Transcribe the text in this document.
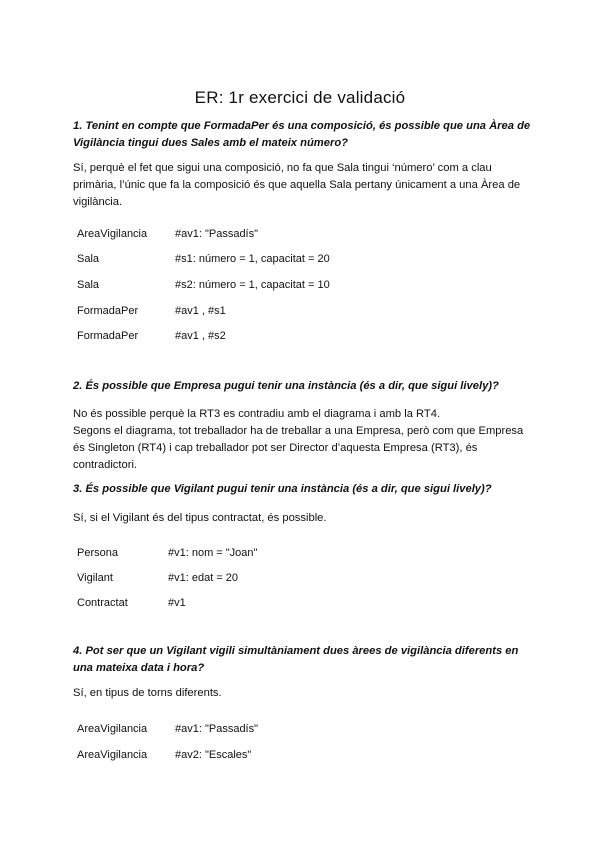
ER: 1r exercici de validació
1. Tenint en compte que FormadaPer és una composició, és possible que una Àrea de Vigilància tingui dues Sales amb el mateix número?
Sí, perquè el fet que sigui una composició, no fa que Sala tingui ‘número’ com a clau
primària, l’únic que fa la composició és que aquella Sala pertany únicament a una Àrea de
vigilància.
AreaVigilancia	#av1: "Passadís"
Sala	#s1: número = 1, capacitat = 20
Sala	#s2: número = 1, capacitat = 10
FormadaPer	#av1 , #s1
FormadaPer	#av1 , #s2
2. És possible que Empresa pugui tenir una instància (és a dir, que sigui lively)?
No és possible perquè la RT3 es contradiu amb el diagrama i amb la RT4.
Segons el diagrama, tot treballador ha de treballar a una Empresa, però com que Empresa
és Singleton (RT4) i cap treballador pot ser Director d’aquesta Empresa (RT3), és
contradictori.
3. És possible que Vigilant pugui tenir una instància (és a dir, que sigui lively)?
Sí, si el Vigilant és del tipus contractat, és possible.
Persona	#v1: nom = "Joan"
Vigilant	#v1: edat = 20
Contractat	#v1
4. Pot ser que un Vigilant vigili simultàniament dues àrees de vigilància diferents en
una mateixa data i hora?
Sí, en tipus de torns diferents.
AreaVigilancia	#av1: "Passadís"
AreaVigilancia	#av2: "Escales"
